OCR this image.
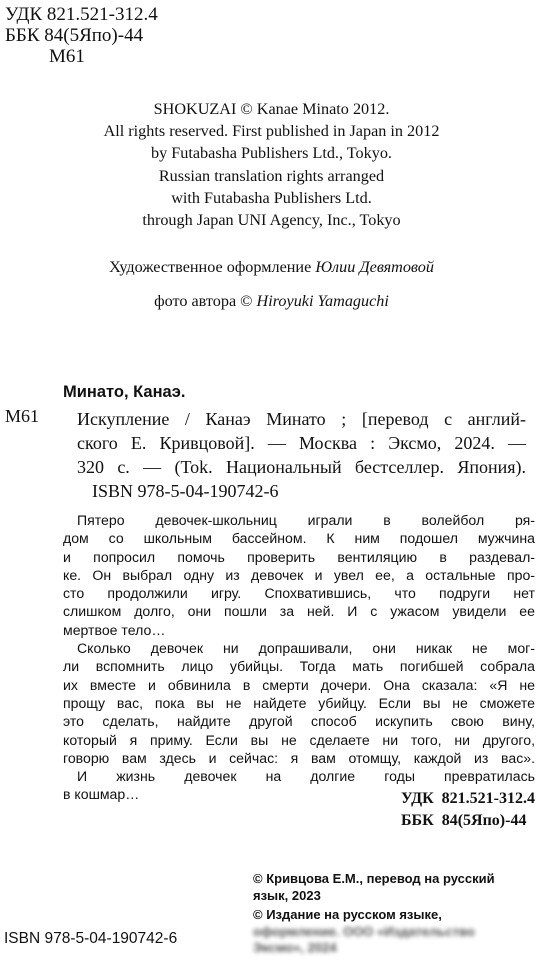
УДК 821.521-312.4
ББК 84(5Япо)-44
М61
SHOKUZAI © Kanae Minato 2012.
All rights reserved. First published in Japan in 2012
by Futabasha Publishers Ltd., Tokyo.
Russian translation rights arranged
with Futabasha Publishers Ltd.
through Japan UNI Agency, Inc., Tokyo
Художественное оформление Юлии Девятовой
фото автора © Hiroyuki Yamaguchi
Минато, Канаэ.
М61 Искупление / Канаэ Минато ; [перевод с англий-
ского Е. Кривцовой]. — Москва : Эксмо, 2024. —
320 с. — (Tok. Национальный бестселлер. Япония).
ISBN 978-5-04-190742-6
Пятеро девочек-школьниц играли в волейбол ря-
дом со школьным бассейном. К ним подошел мужчина
и попросил помочь проверить вентиляцию в раздевал-
ке. Он выбрал одну из девочек и увел ее, а остальные про-
сто продолжили игру. Спохватившись, что подруги нет
слишком долго, они пошли за ней. И с ужасом увидели ее
мертвое тело…
Сколько девочек ни допрашивали, они никак не мог-
ли вспомнить лицо убийцы. Тогда мать погибшей собрала
их вместе и обвинила в смерти дочери. Она сказала: «Я не
прощу вас, пока вы не найдете убийцу. Если вы не сможете
это сделать, найдите другой способ искупить свою вину,
который я приму. Если вы не сделаете ни того, ни другого,
говорю вам здесь и сейчас: я вам отомщу, каждой из вас».
И жизнь девочек на долгие годы превратилась
в кошмар…	УДК 821.521-312.4
ББК 84(5Япо)-44
© Кривцова Е.М., перевод на русский
язык, 2023
© Издание на русском языке,
оформление. ООО «Издательство
Эксмо», 2024
ISBN 978-5-04-190742-6
